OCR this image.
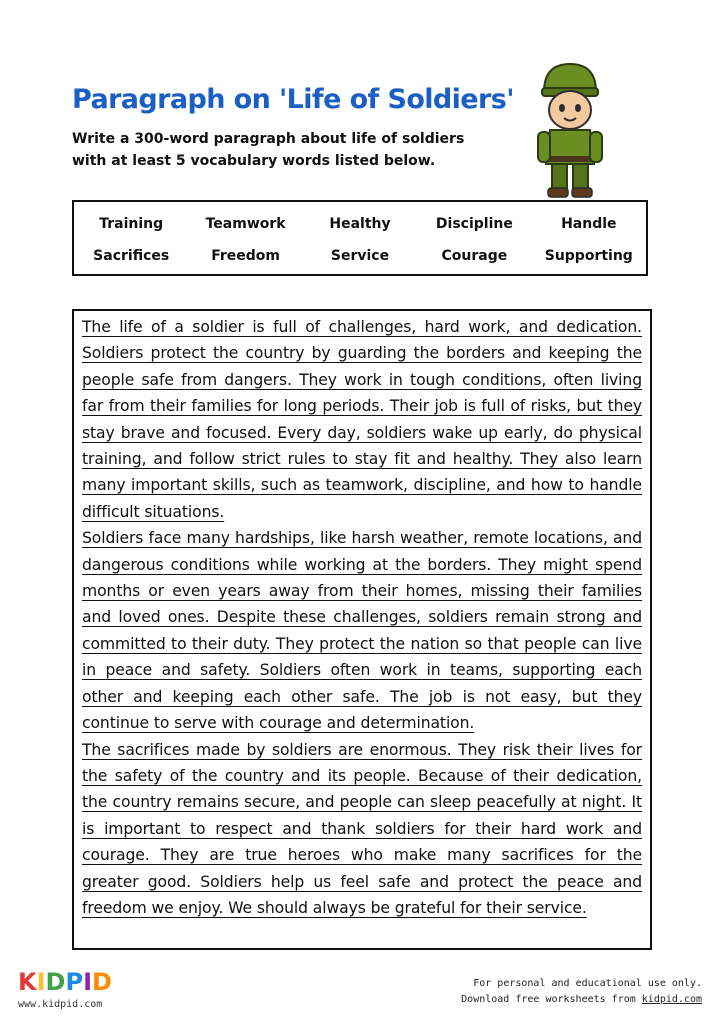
Paragraph on 'Life of Soldiers'
Write a 300-word paragraph about life of soldiers
with at least 5 vocabulary words listed below.
Training	Teamwork	Healthy	Discipline	Handle
Sacrifices	Freedom	Service	Courage	Supporting

The life of a soldier is full of challenges, hard work, and dedication. Soldiers protect the country by guarding the borders and keeping the people safe from dangers. They work in tough conditions, often living far from their families for long periods. Their job is full of risks, but they stay brave and focused. Every day, soldiers wake up early, do physical training, and follow strict rules to stay fit and healthy. They also learn many important skills, such as teamwork, discipline, and how to handle difficult situations.

Soldiers face many hardships, like harsh weather, remote locations, and dangerous conditions while working at the borders. They might spend months or even years away from their homes, missing their families and loved ones. Despite these challenges, soldiers remain strong and committed to their duty. They protect the nation so that people can live in peace and safety. Soldiers often work in teams, supporting each other and keeping each other safe. The job is not easy, but they continue to serve with courage and determination.

The sacrifices made by soldiers are enormous. They risk their lives for the safety of the country and its people. Because of their dedication, the country remains secure, and people can sleep peacefully at night. It is important to respect and thank soldiers for their hard work and courage. They are true heroes who make many sacrifices for the greater good. Soldiers help us feel safe and protect the peace and freedom we enjoy. We should always be grateful for their service.

KIDPID
www.kidpid.com
For personal and educational use only.
Download free worksheets from kidpid.com
